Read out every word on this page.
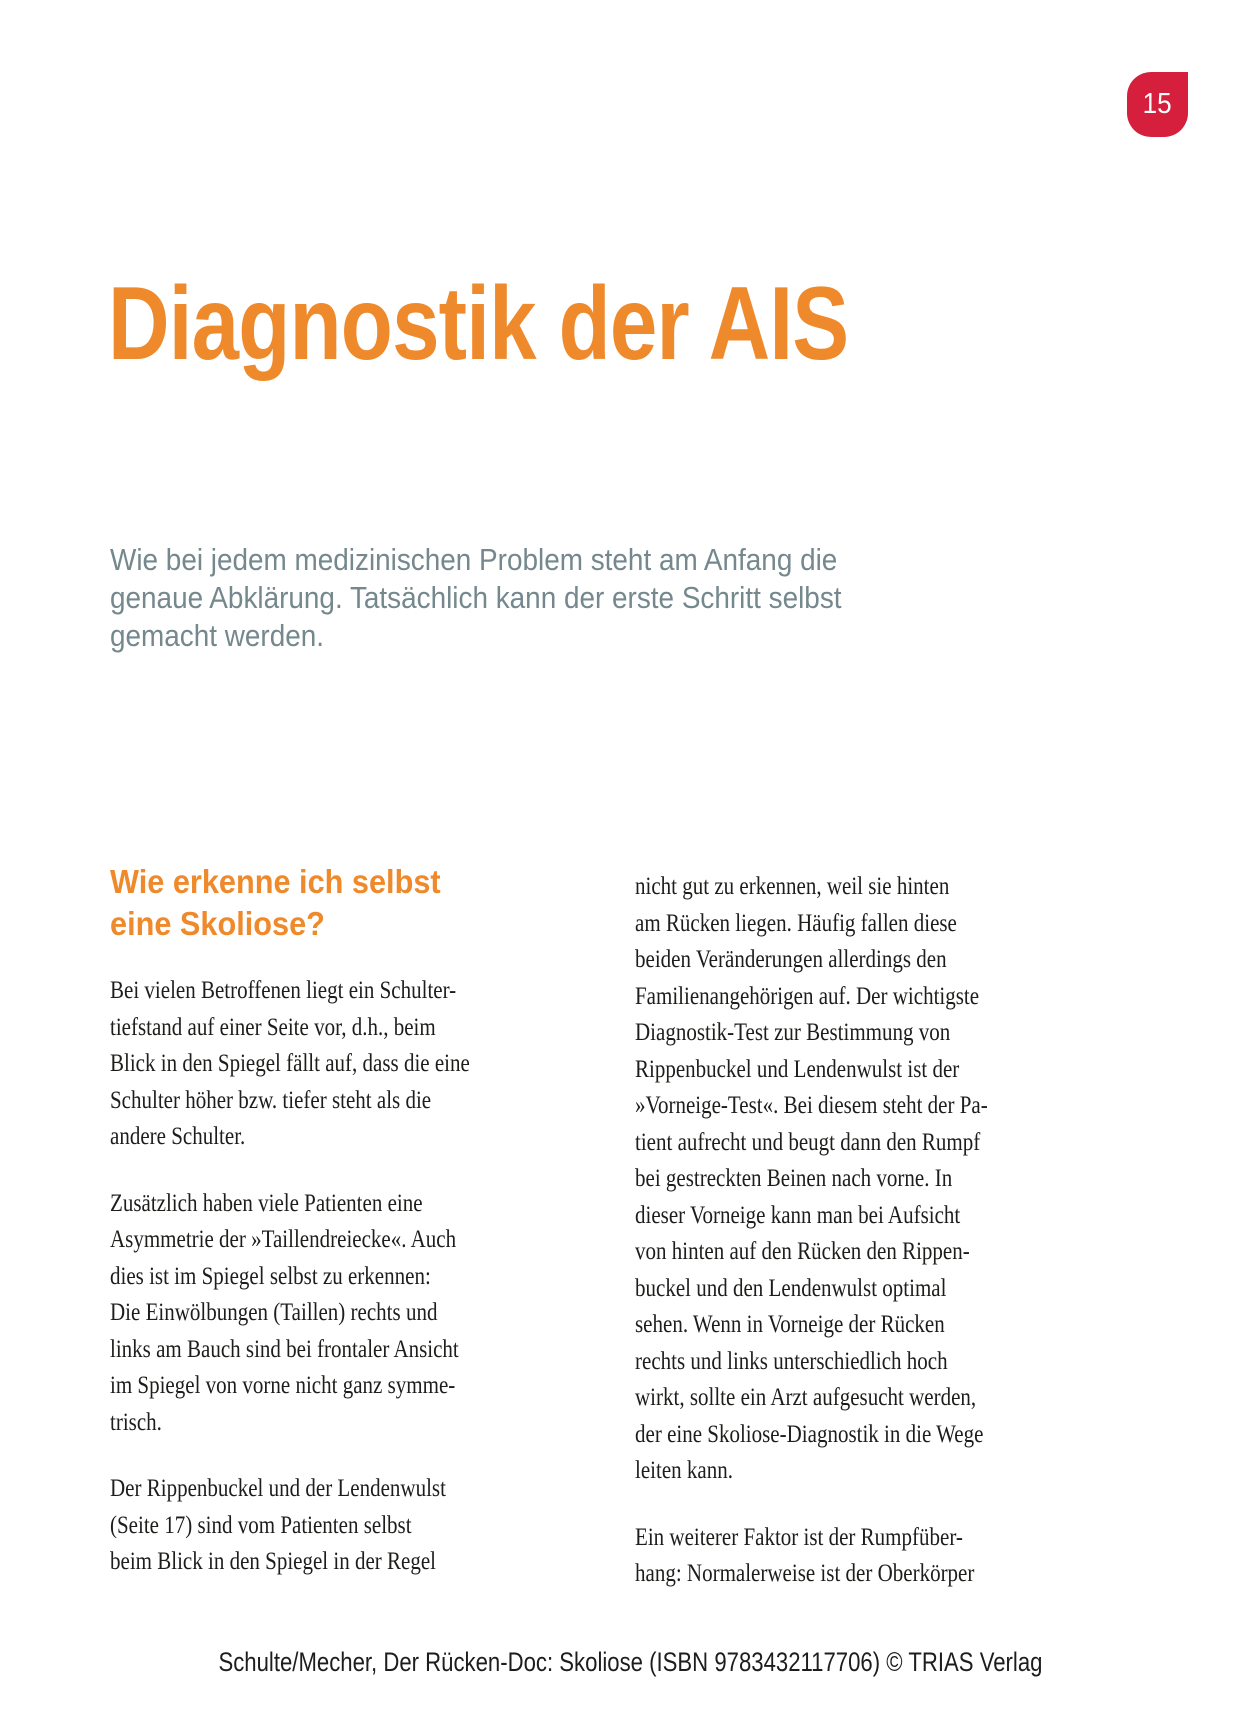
15
Diagnostik der AIS
Wie bei jedem medizinischen Problem steht am Anfang die
genaue Abklärung. Tatsächlich kann der erste Schritt selbst
gemacht werden.
Wie erkenne ich selbst
eine Skoliose?
Bei vielen Betroffenen liegt ein Schulter-
tiefstand auf einer Seite vor, d.h., beim
Blick in den Spiegel fällt auf, dass die eine
Schulter höher bzw. tiefer steht als die
andere Schulter.
Zusätzlich haben viele Patienten eine
Asymmetrie der »Taillendreiecke«. Auch
dies ist im Spiegel selbst zu erkennen:
Die Einwölbungen (Taillen) rechts und
links am Bauch sind bei frontaler Ansicht
im Spiegel von vorne nicht ganz symme-
trisch.
Der Rippenbuckel und der Lendenwulst
(Seite 17) sind vom Patienten selbst
beim Blick in den Spiegel in der Regel
nicht gut zu erkennen, weil sie hinten
am Rücken liegen. Häufig fallen diese
beiden Veränderungen allerdings den
Familienangehörigen auf. Der wichtigste
Diagnostik-Test zur Bestimmung von
Rippenbuckel und Lendenwulst ist der
»Vorneige-Test«. Bei diesem steht der Pa-
tient aufrecht und beugt dann den Rumpf
bei gestreckten Beinen nach vorne. In
dieser Vorneige kann man bei Aufsicht
von hinten auf den Rücken den Rippen-
buckel und den Lendenwulst optimal
sehen. Wenn in Vorneige der Rücken
rechts und links unterschiedlich hoch
wirkt, sollte ein Arzt aufgesucht werden,
der eine Skoliose-Diagnostik in die Wege
leiten kann.
Ein weiterer Faktor ist der Rumpfüber-
hang: Normalerweise ist der Oberkörper
Schulte/Mecher, Der Rücken-Doc: Skoliose (ISBN 9783432117706) © TRIAS Verlag
